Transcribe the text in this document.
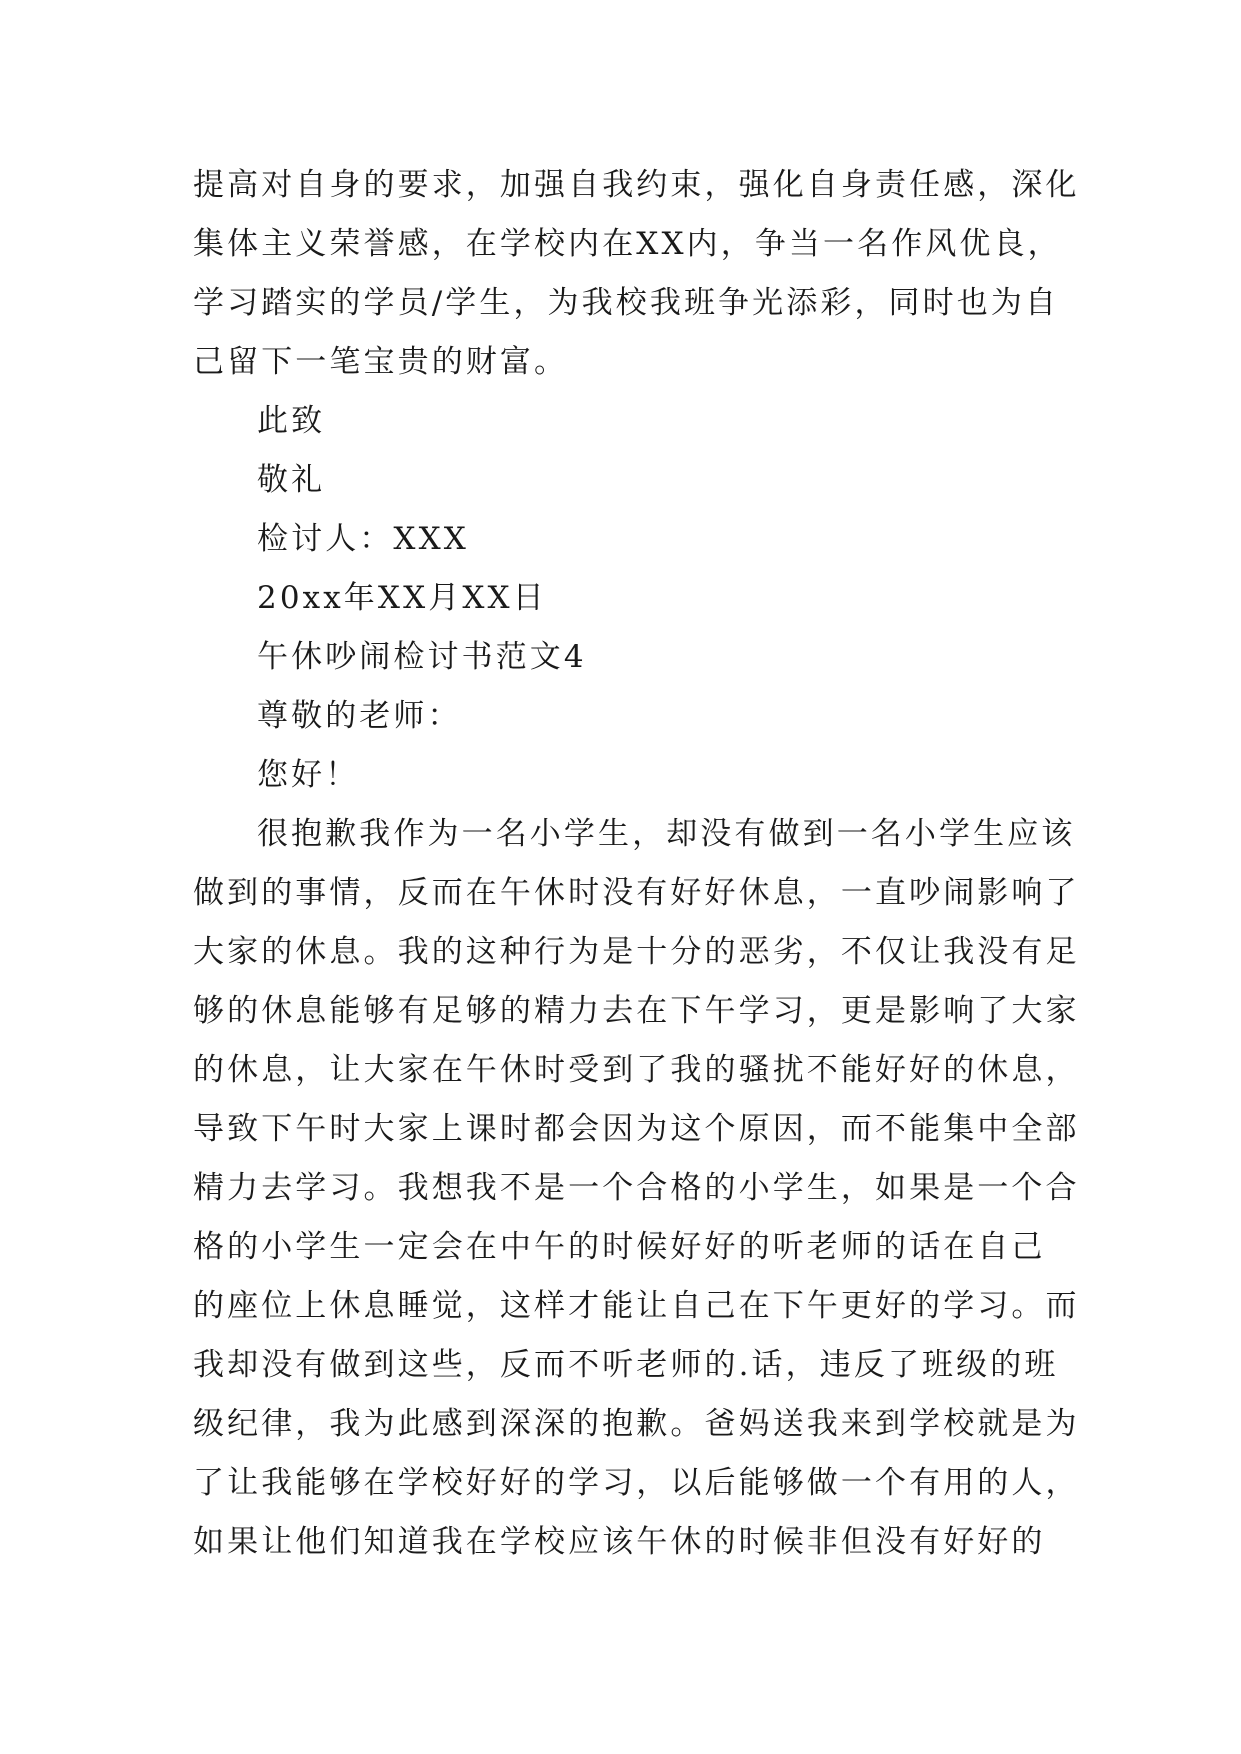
提高对自身的要求，加强自我约束，强化自身责任感，深化
集体主义荣誉感，在学校内在XX内，争当一名作风优良，
学习踏实的学员/学生，为我校我班争光添彩，同时也为自
己留下一笔宝贵的财富。
此致
敬礼
检讨人：XXX
20xx年XX月XX日
午休吵闹检讨书范文4
尊敬的老师：
您好！
很抱歉我作为一名小学生，却没有做到一名小学生应该
做到的事情，反而在午休时没有好好休息，一直吵闹影响了
大家的休息。我的这种行为是十分的恶劣，不仅让我没有足
够的休息能够有足够的精力去在下午学习，更是影响了大家
的休息，让大家在午休时受到了我的骚扰不能好好的休息，
导致下午时大家上课时都会因为这个原因，而不能集中全部
精力去学习。我想我不是一个合格的小学生，如果是一个合
格的小学生一定会在中午的时候好好的听老师的话在自己
的座位上休息睡觉，这样才能让自己在下午更好的学习。而
我却没有做到这些，反而不听老师的.话，违反了班级的班
级纪律，我为此感到深深的抱歉。爸妈送我来到学校就是为
了让我能够在学校好好的学习，以后能够做一个有用的人，
如果让他们知道我在学校应该午休的时候非但没有好好的
